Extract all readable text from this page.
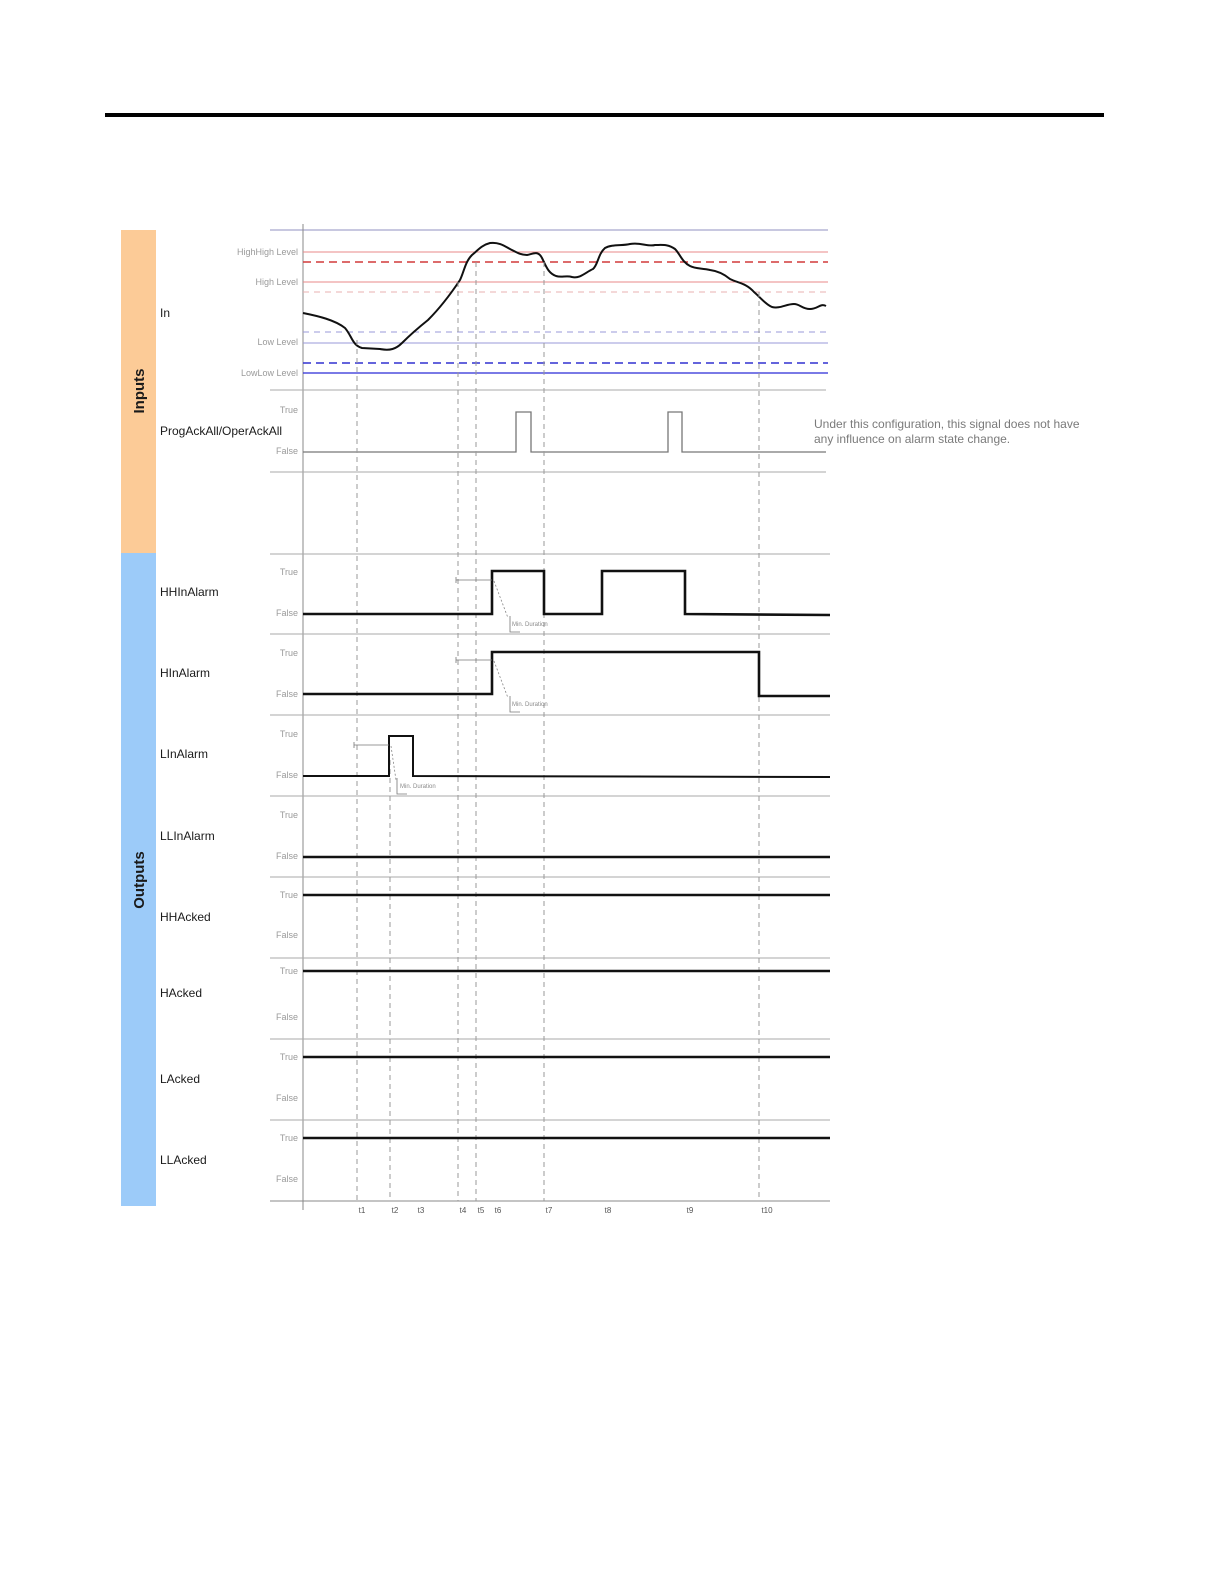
Inputs
Outputs
HighHigh Level
High Level
Low Level
LowLow Level
In
ProgAckAll/OperAckAll
True
False
Under this configuration, this signal does not have
any influence on alarm state change.
HHInAlarm
HInAlarm
LInAlarm
LLInAlarm
HHAcked
HAcked
LAcked
LLAcked
True
False
True
False
True
False
True
False
True
False
True
False
True
False
True
False
Min. Duration
Min. Duration
Min. Duration
t1	t2 t3	t4 t5 t6	t7	t8	t9	t10
